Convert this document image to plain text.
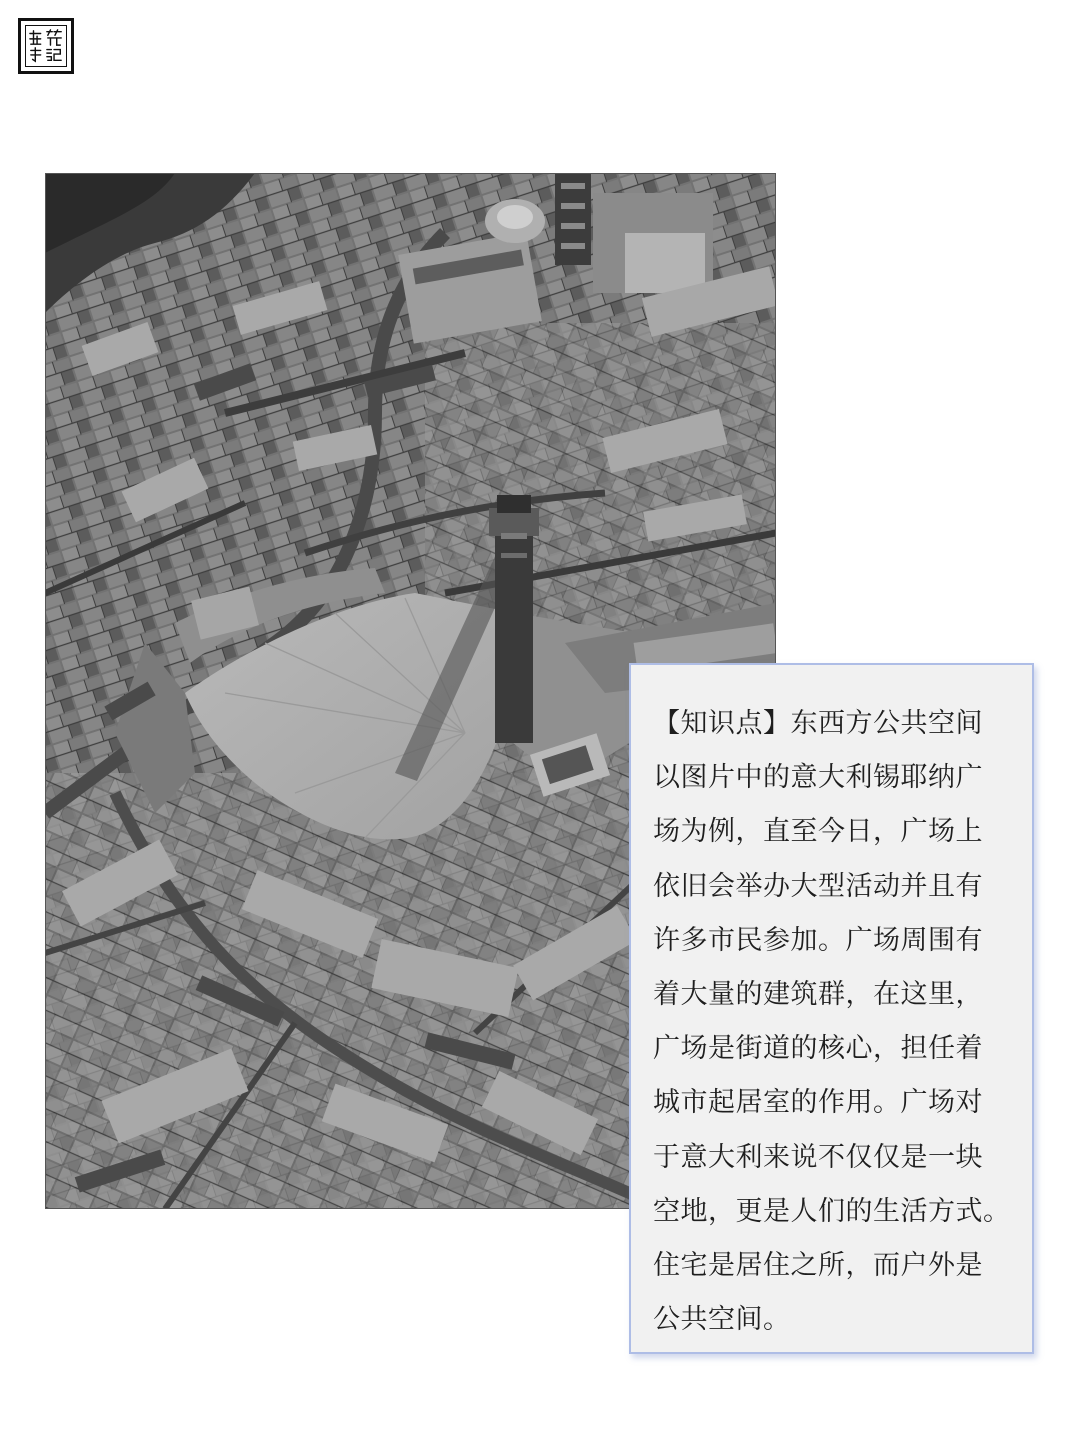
【知识点】东西方公共空间
以图片中的意大利锡耶纳广
场为例，直至今日，广场上
依旧会举办大型活动并且有
许多市民参加。广场周围有
着大量的建筑群，在这里，
广场是街道的核心，担任着
城市起居室的作用。广场对
于意大利来说不仅仅是一块
空地，更是人们的生活方式。
住宅是居住之所，而户外是
公共空间。
